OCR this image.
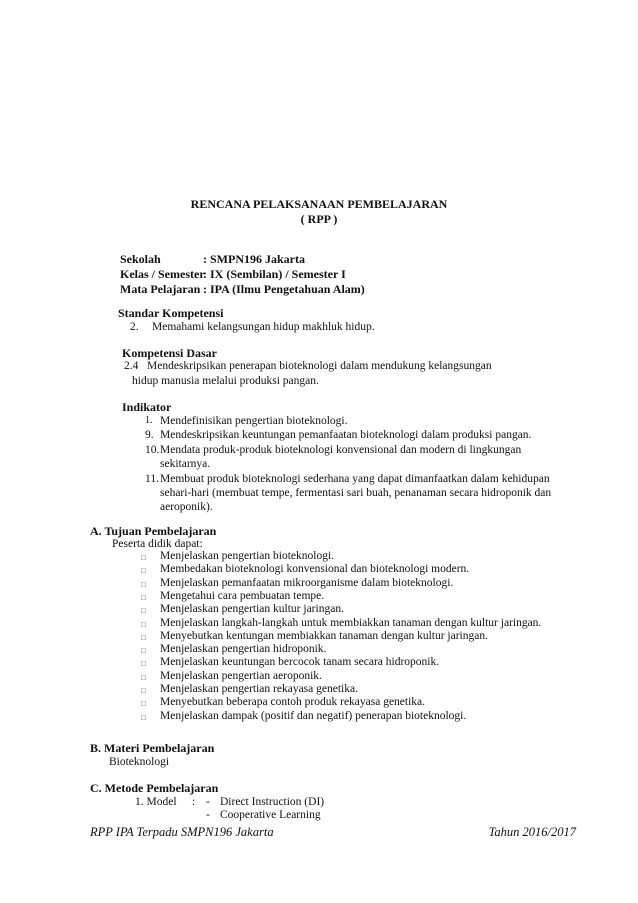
RENCANA PELAKSANAAN PEMBELAJARAN
( RPP )
Sekolah	: SMPN196 Jakarta
Kelas / Semester
: IX (Sembilan) / Semester I
Mata Pelajaran : IPA (Ilmu Pengetahuan Alam)
Standar Kompetensi
2. Memahami kelangsungan hidup makhluk hidup.
Kompetensi Dasar
2.4   Mendeskripsikan penerapan bioteknologi dalam mendukung kelangsungan
hidup manusia melalui produksi pangan.
Indikator
1. Mendefinisikan pengertian bioteknologi.
9. Mendeskripsikan keuntungan pemanfaatan bioteknologi dalam produksi pangan.
10. Mendata produk-produk bioteknologi konvensional dan modern di lingkungan
sekitarnya.
11. Membuat produk bioteknologi sederhana yang dapat dimanfaatkan dalam kehidupan
sehari-hari (membuat tempe, fermentasi sari buah, penanaman secara hidroponik dan
aeroponik).
A. Tujuan Pembelajaran
Peserta didik dapat:
□ Menjelaskan pengertian bioteknologi.
□ Membedakan bioteknologi konvensional dan bioteknologi modern.
□ Menjelaskan pemanfaatan mikroorganisme dalam bioteknologi.
□ Mengetahui cara pembuatan tempe.
□ Menjelaskan pengertian kultur jaringan.
□ Menjelaskan langkah-langkah untuk membiakkan tanaman dengan kultur jaringan.
□ Menyebutkan kentungan membiakkan tanaman dengan kultur jaringan.
□ Menjelaskan pengertian hidroponik.
□ Menjelaskan keuntungan bercocok tanam secara hidroponik.
□ Menjelaskan pengertian aeroponik.
□ Menjelaskan pengertian rekayasa genetika.
□ Menyebutkan beberapa contoh produk rekayasa genetika.
□ Menjelaskan dampak (positif dan negatif) penerapan bioteknologi.
B. Materi Pembelajaran
Bioteknologi
C. Metode Pembelajaran
1. Model : - Direct Instruction (DI)
- Cooperative Learning
RPP IPA Terpadu SMPN196 Jakarta	Tahun 2016/2017
